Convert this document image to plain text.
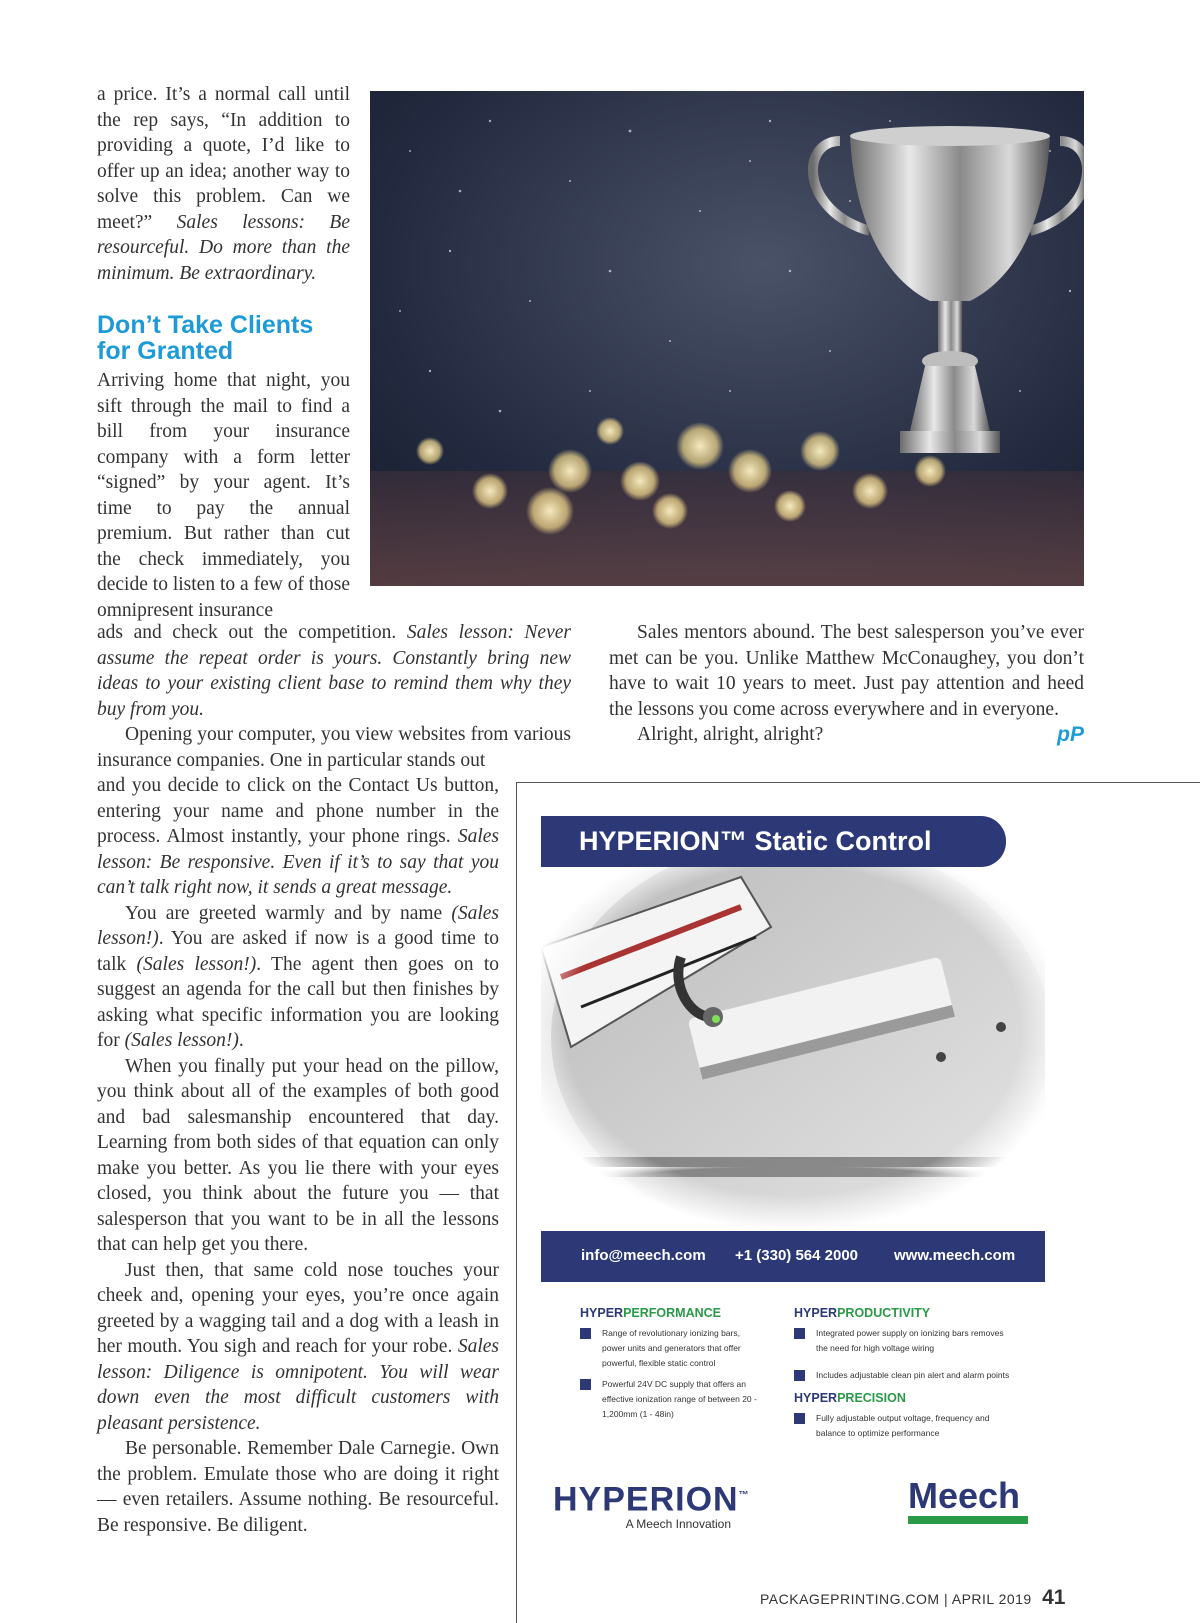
a price. It’s a normal call until the rep says, “In addition to providing a quote, I’d like to offer up an idea; another way to solve this problem. Can we meet?” Sales lessons: Be resourceful. Do more than the minimum. Be extraordinary.

Don’t Take Clients for Granted

Arriving home that night, you sift through the mail to find a bill from your insurance company with a form letter “signed” by your agent. It’s time to pay the annual premium. But rather than cut the check immediately, you decide to listen to a few of those omnipresent insurance

ads and check out the competition. Sales lesson: Never assume the repeat order is yours. Constantly bring new ideas to your existing client base to remind them why they buy from you.

Opening your computer, you view websites from various insurance companies. One in particular stands out

and you decide to click on the Contact Us button, entering your name and phone number in the process. Almost instantly, your phone rings. Sales lesson: Be responsive. Even if it’s to say that you can’t talk right now, it sends a great message.

You are greeted warmly and by name (Sales lesson!). You are asked if now is a good time to talk (Sales lesson!). The agent then goes on to suggest an agenda for the call but then finishes by asking what specific information you are looking for (Sales lesson!).

When you finally put your head on the pillow, you think about all of the examples of both good and bad salesmanship encountered that day. Learning from both sides of that equation can only make you better. As you lie there with your eyes closed, you think about the future you — that salesperson that you want to be in all the lessons that can help get you there.

Just then, that same cold nose touches your cheek and, opening your eyes, you’re once again greeted by a wagging tail and a dog with a leash in her mouth. You sigh and reach for your robe. Sales lesson: Diligence is omnipotent. You will wear down even the most difficult customers with pleasant persistence.

Be personable. Remember Dale Carnegie. Own the problem. Emulate those who are doing it right — even retailers. Assume nothing. Be resourceful. Be responsive. Be diligent.

Sales mentors abound. The best salesperson you’ve ever met can be you. Unlike Matthew McConaughey, you don’t have to wait 10 years to meet. Just pay attention and heed the lessons you come across everywhere and in everyone.

Alright, alright, alright?	pP

HYPERION™ Static Control
info@meech.com +1 (330) 564 2000 www.meech.com

HYPERPERFORMANCE

Range of revolutionary ionizing bars, power units and generators that offer powerful, flexible static control
Powerful 24V DC supply that offers an effective ionization range of between 20 - 1,200mm (1 - 48in)

HYPERPRODUCTIVITY

Integrated power supply on ionizing bars removes the need for high voltage wiring
Includes adjustable clean pin alert and alarm points

HYPERPRECISION

Fully adjustable output voltage, frequency and balance to optimize performance
HYPERION™
A Meech Innovation
Meech
PACKAGEPRINTING.COM | APRIL 2019 41
